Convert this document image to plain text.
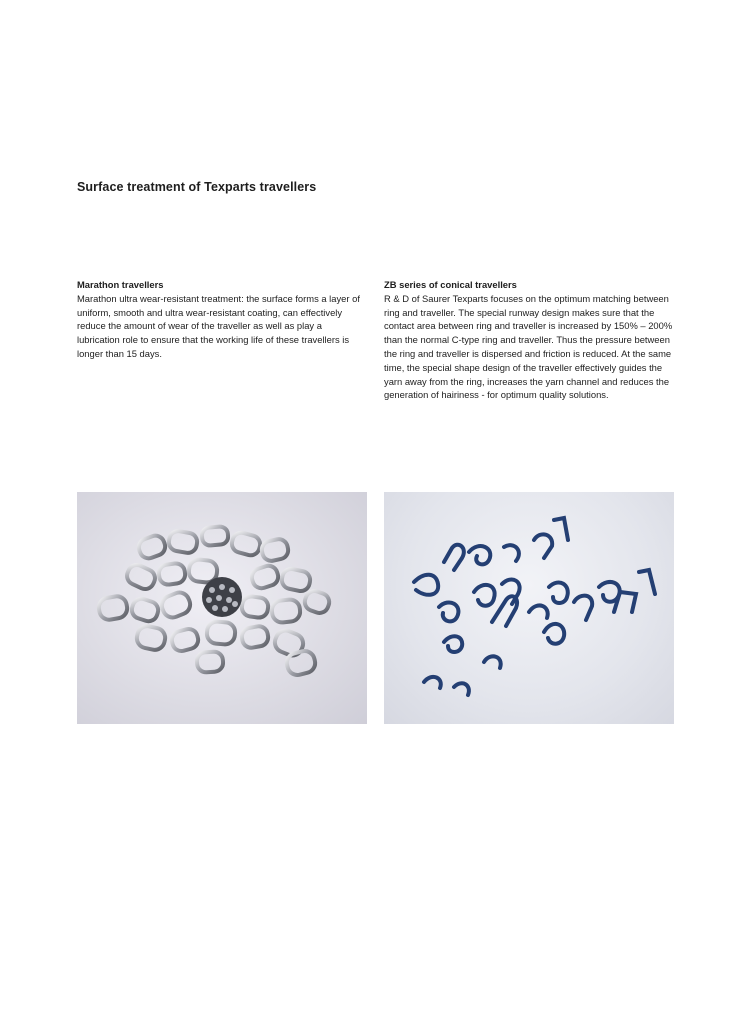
Surface treatment of Texparts travellers
Marathon travellers

Marathon ultra wear-resistant treatment: the surface forms a layer of uniform, smooth and ultra wear-resistant coating, can effectively reduce the amount of wear of the traveller as well as play a lubrication role to ensure that the working life of these travellers is longer than 15 days.

ZB series of conical travellers

R & D of Saurer Texparts focuses on the optimum matching between ring and traveller. The special runway design makes sure that the contact area between ring and traveller is increased by 150% – 200% than the normal C-type ring and traveller. Thus the pressure between the ring and traveller is dispersed and friction is reduced. At the same time, the special shape design of the traveller effectively guides the yarn away from the ring, increases the yarn channel and reduces the generation of hairiness - for optimum quality solutions.
